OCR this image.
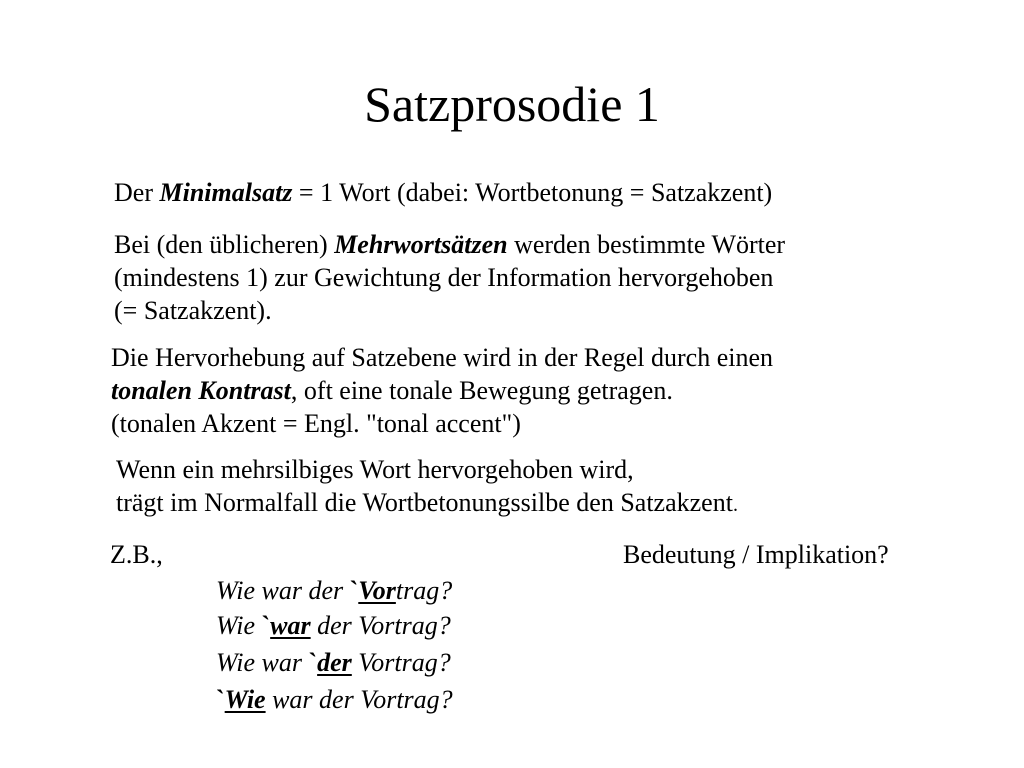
Satzprosodie 1
Der Minimalsatz = 1 Wort (dabei: Wortbetonung = Satzakzent)
Bei (den üblicheren) Mehrwortsätzen werden bestimmte Wörter
(mindestens 1) zur Gewichtung der Information hervorgehoben
(= Satzakzent).
Die Hervorhebung auf Satzebene wird in der Regel durch einen
tonalen Kontrast, oft eine tonale Bewegung getragen.
(tonalen Akzent = Engl. "tonal accent")
Wenn ein mehrsilbiges Wort hervorgehoben wird,
trägt im Normalfall die Wortbetonungssilbe den Satzakzent.
Z.B.,	Bedeutung / Implikation?
Wie war der `Vortrag?
Wie `war der Vortrag?
Wie war `der Vortrag?
`Wie war der Vortrag?
